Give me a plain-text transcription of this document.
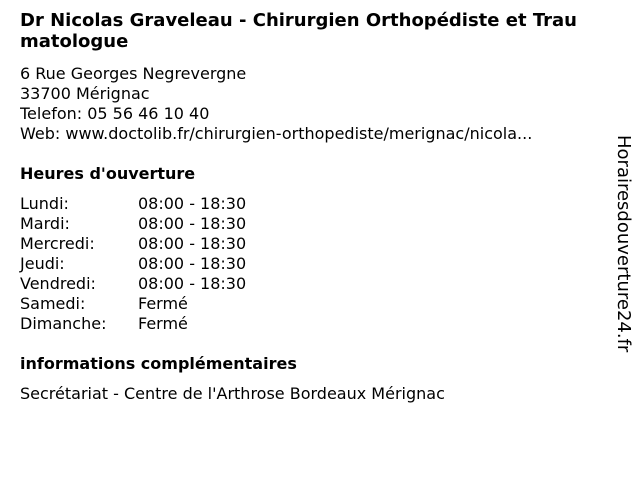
Dr Nicolas Graveleau - Chirurgien Orthopédiste et Traumatologue
6 Rue Georges Negrevergne
33700 Mérignac
Telefon: 05 56 46 10 40
Web: www.doctolib.fr/chirurgien-orthopediste/merignac/nicola...
Heures d'ouverture
Lundi:	08:00 - 18:30
Mardi:	08:00 - 18:30
Mercredi:	08:00 - 18:30
Jeudi:	08:00 - 18:30
Vendredi:	08:00 - 18:30
Samedi:	Fermé
Dimanche:	Fermé
informations complémentaires
Secrétariat - Centre de l'Arthrose Bordeaux Mérignac
Horairesdouverture24.fr
